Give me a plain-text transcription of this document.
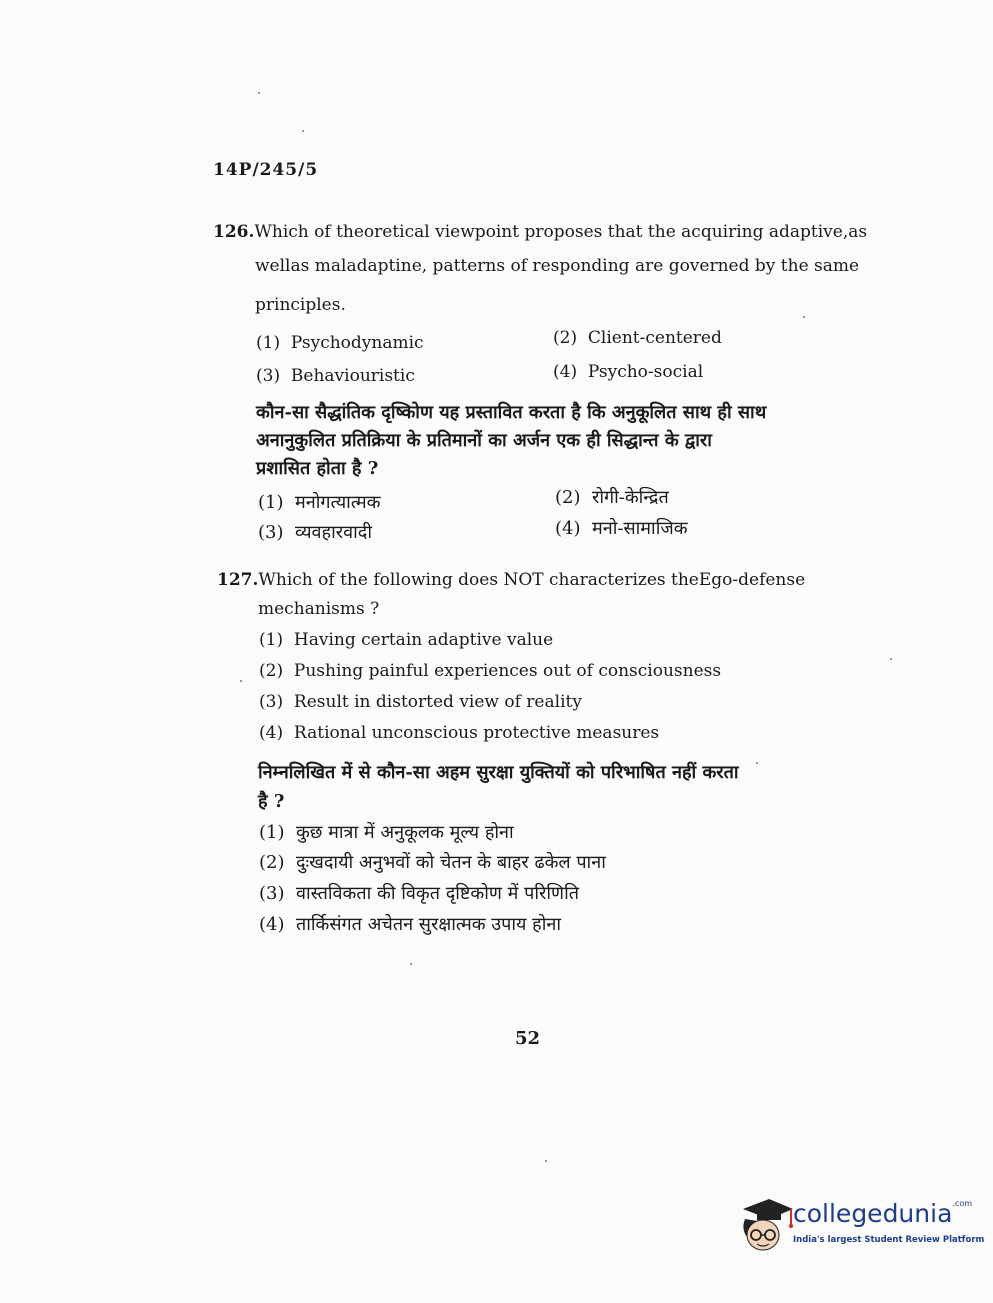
14P/245/5
126.Which of theoretical viewpoint proposes that the acquiring adaptive,as
wellas maladaptine, patterns of responding are governed by the same
principles.
(1) Psychodynamic	(2) Client-centered
(3) Behaviouristic	(4) Psycho-social
कौन-सा सैद्धांतिक दृष्किोण यह प्रस्तावित करता है कि अनुकूलित साथ ही साथ
अनानुकुलित प्रतिक्रिया के प्रतिमानों का अर्जन एक ही सिद्धान्त के द्वारा
प्रशासित होता है ?
(1) मनोगत्यात्मक	(2) रोगी-केन्द्रित
(3) व्यवहारवादी	(4) मनो-सामाजिक
127.Which of the following does NOT characterizes theEgo-defense
mechanisms ?
(1) Having certain adaptive value
(2) Pushing painful experiences out of consciousness
(3) Result in distorted view of reality
(4) Rational unconscious protective measures
निम्नलिखित में से कौन-सा अहम सुरक्षा युक्तियों को परिभाषित नहीं करता
है ?
(1) कुछ मात्रा में अनुकूलक मूल्य होना
(2) दुःखदायी अनुभवों को चेतन के बाहर ढकेल पाना
(3) वास्तविकता की विकृत दृष्टिकोण में परिणिति
(4) तार्किसंगत अचेतन सुरक्षात्मक उपाय होना
52
collegedunia$^{.com}$
India's largest Student Review Platform
